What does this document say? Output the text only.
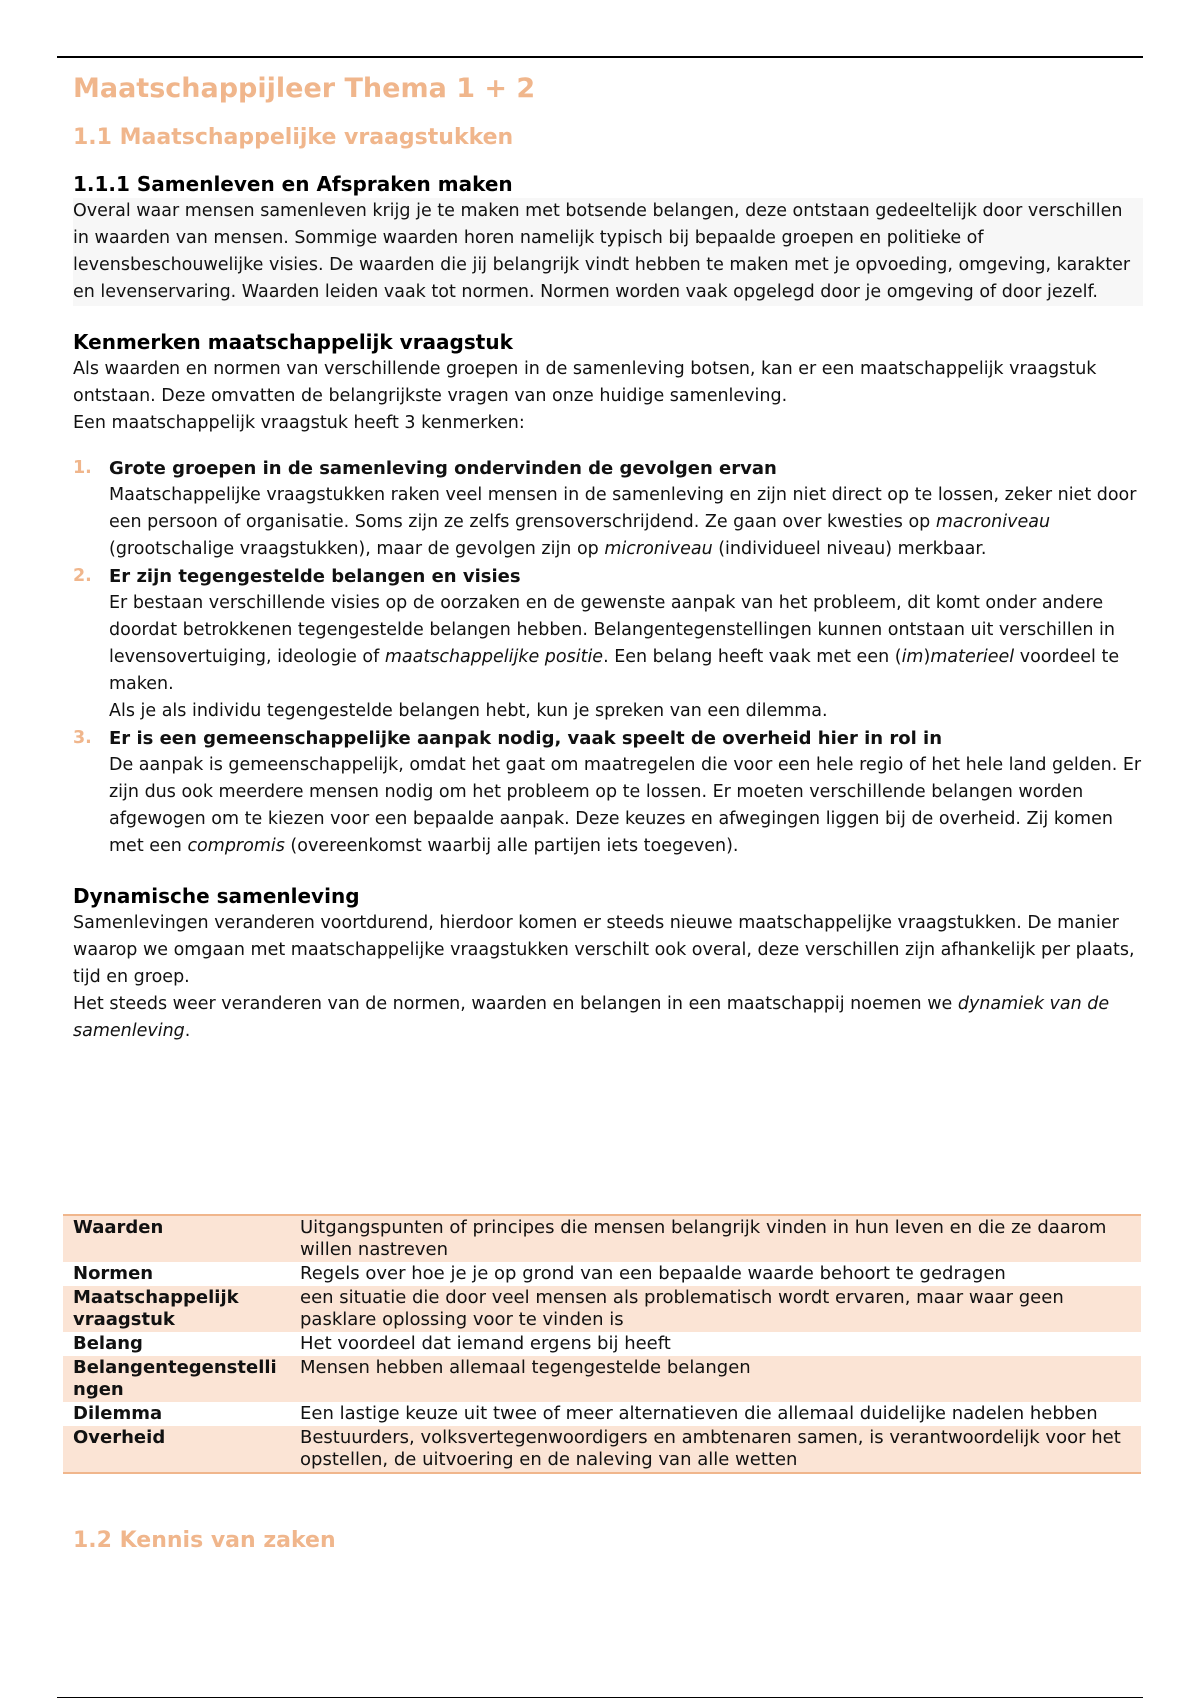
Maatschappijleer Thema 1 + 2
1.1 Maatschappelijke vraagstukken
1.1.1 Samenleven en Afspraken maken

Overal waar mensen samenleven krijg je te maken met botsende belangen, deze ontstaan gedeeltelijk door verschillen in waarden van mensen. Sommige waarden horen namelijk typisch bij bepaalde groepen en politieke of levensbeschouwelijke visies. De waarden die jij belangrijk vindt hebben te maken met je opvoeding, omgeving, karakter en levenservaring. Waarden leiden vaak tot normen. Normen worden vaak opgelegd door je omgeving of door jezelf.

Kenmerken maatschappelijk vraagstuk

Als waarden en normen van verschillende groepen in de samenleving botsen, kan er een maatschappelijk vraagstuk ontstaan. Deze omvatten de belangrijkste vragen van onze huidige samenleving.

Een maatschappelijk vraagstuk heeft 3 kenmerken:

1. Grote groepen in de samenleving ondervinden de gevolgen ervan

Maatschappelijke vraagstukken raken veel mensen in de samenleving en zijn niet direct op te lossen, zeker niet door een persoon of organisatie. Soms zijn ze zelfs grensoverschrijdend. Ze gaan over kwesties op macroniveau (grootschalige vraagstukken), maar de gevolgen zijn op microniveau (individueel niveau) merkbaar.

2. Er zijn tegengestelde belangen en visies

Er bestaan verschillende visies op de oorzaken en de gewenste aanpak van het probleem, dit komt onder andere doordat betrokkenen tegengestelde belangen hebben. Belangentegenstellingen kunnen ontstaan uit verschillen in levensovertuiging, ideologie of maatschappelijke positie. Een belang heeft vaak met een (im)materieel voordeel te maken.

Als je als individu tegengestelde belangen hebt, kun je spreken van een dilemma.

3. Er is een gemeenschappelijke aanpak nodig, vaak speelt de overheid hier in rol in

De aanpak is gemeenschappelijk, omdat het gaat om maatregelen die voor een hele regio of het hele land gelden. Er zijn dus ook meerdere mensen nodig om het probleem op te lossen. Er moeten verschillende belangen worden afgewogen om te kiezen voor een bepaalde aanpak. Deze keuzes en afwegingen liggen bij de overheid. Zij komen met een compromis (overeenkomst waarbij alle partijen iets toegeven).

Dynamische samenleving

Samenlevingen veranderen voortdurend, hierdoor komen er steeds nieuwe maatschappelijke vraagstukken. De manier waarop we omgaan met maatschappelijke vraagstukken verschilt ook overal, deze verschillen zijn afhankelijk per plaats, tijd en groep.

Het steeds weer veranderen van de normen, waarden en belangen in een maatschappij noemen we dynamiek van de samenleving.

Waarden	Uitgangspunten of principes die mensen belangrijk vinden in hun leven en die ze daarom willen nastreven
Normen	Regels over hoe je je op grond van een bepaalde waarde behoort te gedragen
Maatschappelijk vraagstuk	een situatie die door veel mensen als problematisch wordt ervaren, maar waar geen pasklare oplossing voor te vinden is
Belang	Het voordeel dat iemand ergens bij heeft
Belangentegenstellingen	Mensen hebben allemaal tegengestelde belangen
Dilemma	Een lastige keuze uit twee of meer alternatieven die allemaal duidelijke nadelen hebben
Overheid	Bestuurders, volksvertegenwoordigers en ambtenaren samen, is verantwoordelijk voor het opstellen, de uitvoering en de naleving van alle wetten
1.2 Kennis van zaken
